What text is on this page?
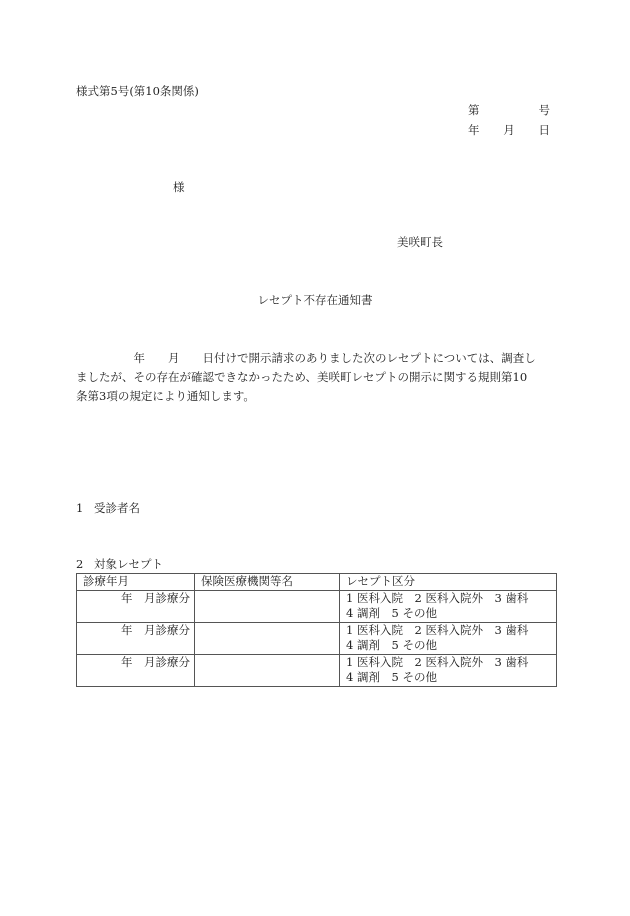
様式第5号(第10条関係)
第	号
年 月 日
様
美咲町長
レセプト不存在通知書

　　　　　年　　月　　日付けで開示請求のありました次のレセプトについては、調査し

ましたが、その存在が確認できなかったため、美咲町レセプトの開示に関する規則第10

条第3項の規定により通知します。

1 受診者名
2 対象レセプト
診療年月	保険医療機関等名	レセプト区分
年　月診療分		1 医科入院　2 医科入院外　3 歯科
4 調剤　5 その他

年　月診療分		1 医科入院　2 医科入院外　3 歯科
4 調剤　5 その他

年　月診療分		1 医科入院　2 医科入院外　3 歯科
4 調剤　5 その他
